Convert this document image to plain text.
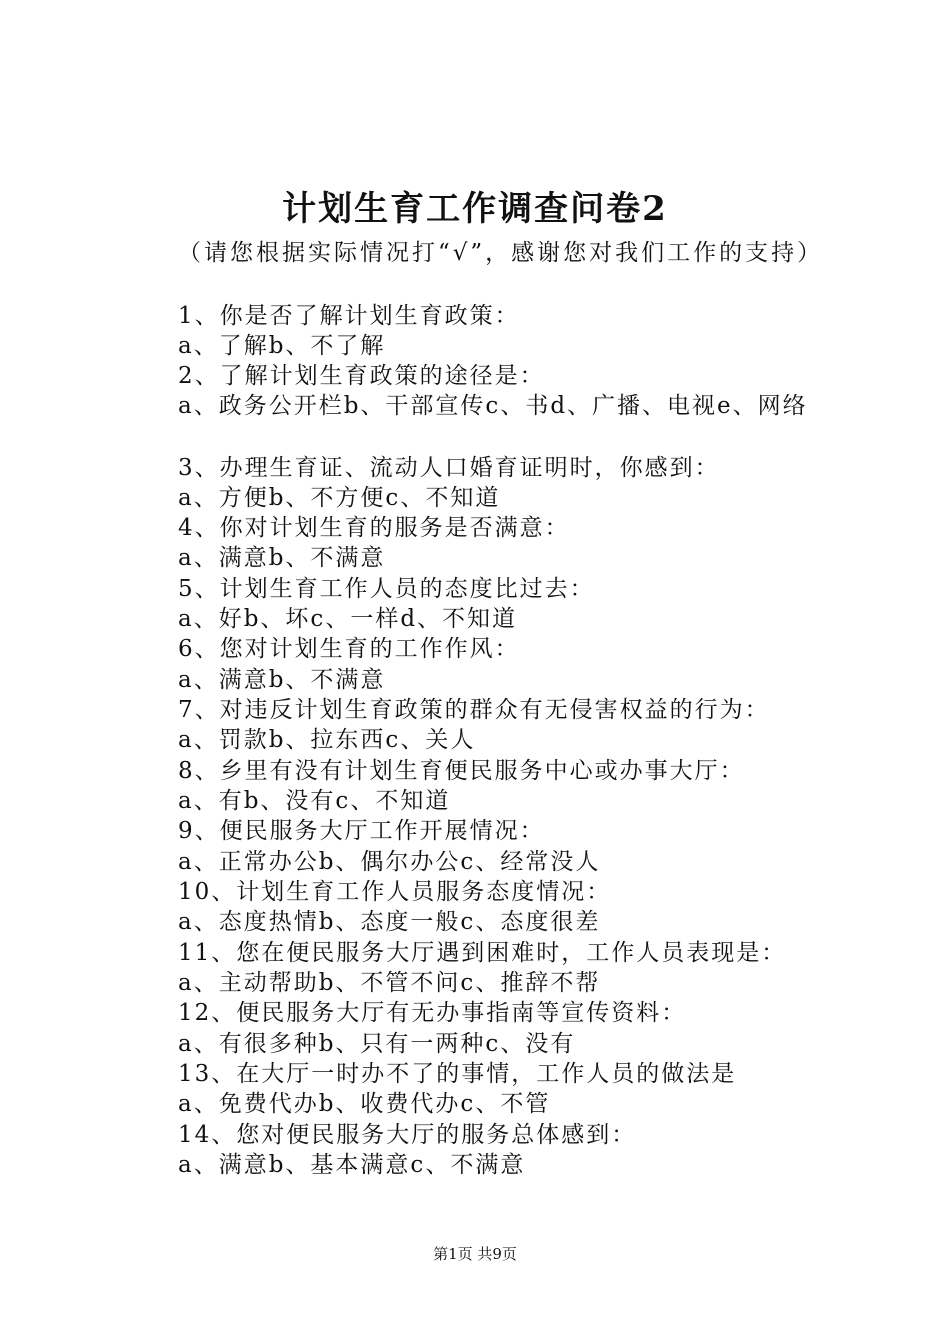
计划生育工作调查问卷2

（请您根据实际情况打“√”，感谢您对我们工作的支持）

1、你是否了解计划生育政策：

a、了解b、不了解

2、了解计划生育政策的途径是：

a、政务公开栏b、干部宣传c、书d、广播、电视e、网络

3、办理生育证、流动人口婚育证明时，你感到：

a、方便b、不方便c、不知道

4、你对计划生育的服务是否满意：

a、满意b、不满意

5、计划生育工作人员的态度比过去：

a、好b、坏c、一样d、不知道

6、您对计划生育的工作作风：

a、满意b、不满意

7、对违反计划生育政策的群众有无侵害权益的行为：

a、罚款b、拉东西c、关人

8、乡里有没有计划生育便民服务中心或办事大厅：

a、有b、没有c、不知道

9、便民服务大厅工作开展情况：

a、正常办公b、偶尔办公c、经常没人

10、计划生育工作人员服务态度情况：

a、态度热情b、态度一般c、态度很差

11、您在便民服务大厅遇到困难时，工作人员表现是：

a、主动帮助b、不管不问c、推辞不帮

12、便民服务大厅有无办事指南等宣传资料：

a、有很多种b、只有一两种c、没有

13、在大厅一时办不了的事情，工作人员的做法是

a、免费代办b、收费代办c、不管

14、您对便民服务大厅的服务总体感到：

a、满意b、基本满意c、不满意

第1页 共9页
